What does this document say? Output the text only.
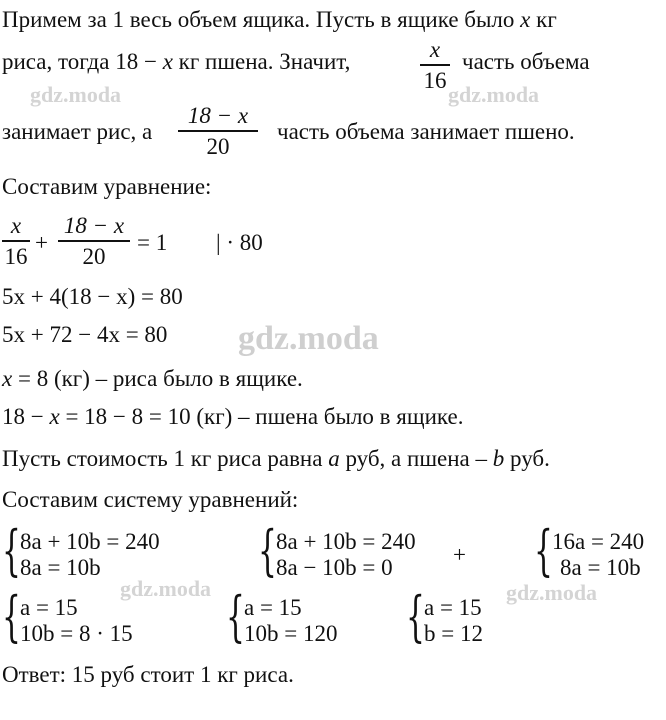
Примем за 1 весь объем ящика. Пусть в ящике было x кг
риса, тогда 18 − x кг пшена. Значит,	x
16
часть объема
занимает рис, а
18 − x
20
часть объема занимает пшено.
Составим уравнение:
x
16
+
18 − x
20
= 1 | · 80
5x + 4(18 − x) = 80
5x + 72 − 4x = 80
x = 8 (кг) – риса было в ящике.
18 − x = 18 − 8 = 10 (кг) – пшена было в ящике.
Пусть стоимость 1 кг риса равна a руб, а пшена – b руб.
Составим систему уравнений:
{ 8a + 10b = 240
8a = 10b	{ 8a + 10b = 240
8a − 10b = 0
+ { 16a = 240
8a = 10b
{ a = 15
10b = 8 · 15 { a = 15
10b = 120 { a = 15
b = 12
Ответ: 15 руб стоит 1 кг риса.
gdz.moda	gdz.moda
gdz.moda
gdz.moda	gdz.moda
